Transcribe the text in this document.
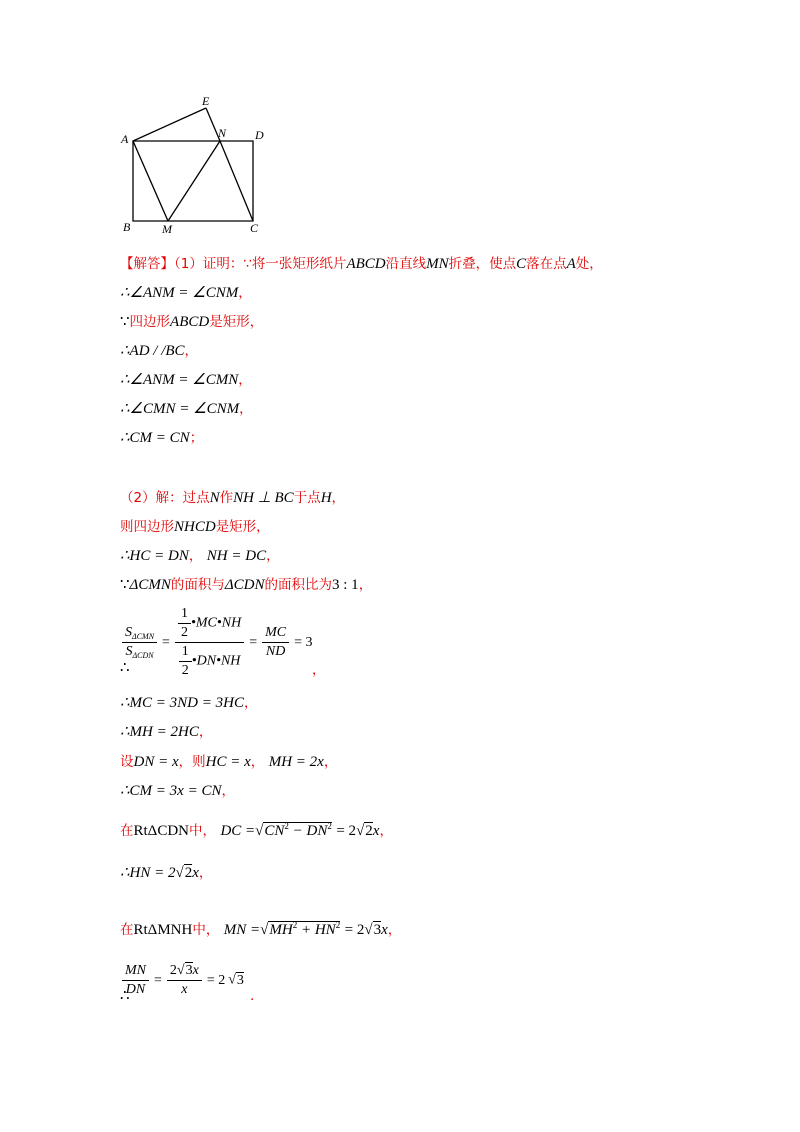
E
A	N D
B	M	C
【解答】（1）证明：∵将一张矩形纸片ABCD沿直线MN折叠，使点C落在点A处，
∴∠ANM = ∠CNM，
∵四边形ABCD是矩形，
∴AD / /BC，
∴∠ANM = ∠CMN，
∴∠CMN = ∠CNM，
∴CM = CN；
（2）解：过点N作NH ⊥ BC于点H，
则四边形NHCD是矩形，
∴HC = DN， NH = DC，
∵ΔCMN的面积与ΔCDN的面积比为3 : 1，
$\frac{S_{\Delta CMN}}{S_{\Delta CDN}} = \frac{\frac{1}{2} •MC•NH}{\frac{1}{2} •DN•NH} = \frac{MC}{ND} = 3$
∴	，
∴MC = 3ND = 3HC，
∴MH = 2HC，
设DN = x，则HC = x， MH = 2x，
∴CM = 3x = CN，
在RtΔCDN中， DC $=√CN^2 - DN^2 = 2√2x$，
∴HN = 2√2x，
在RtΔMNH中， MN $=√MH^2 + HN^2 = 2√3x$，
$\frac{MN}{DN} = \frac{2√3x}{x} = 2$ √3
∴	.
